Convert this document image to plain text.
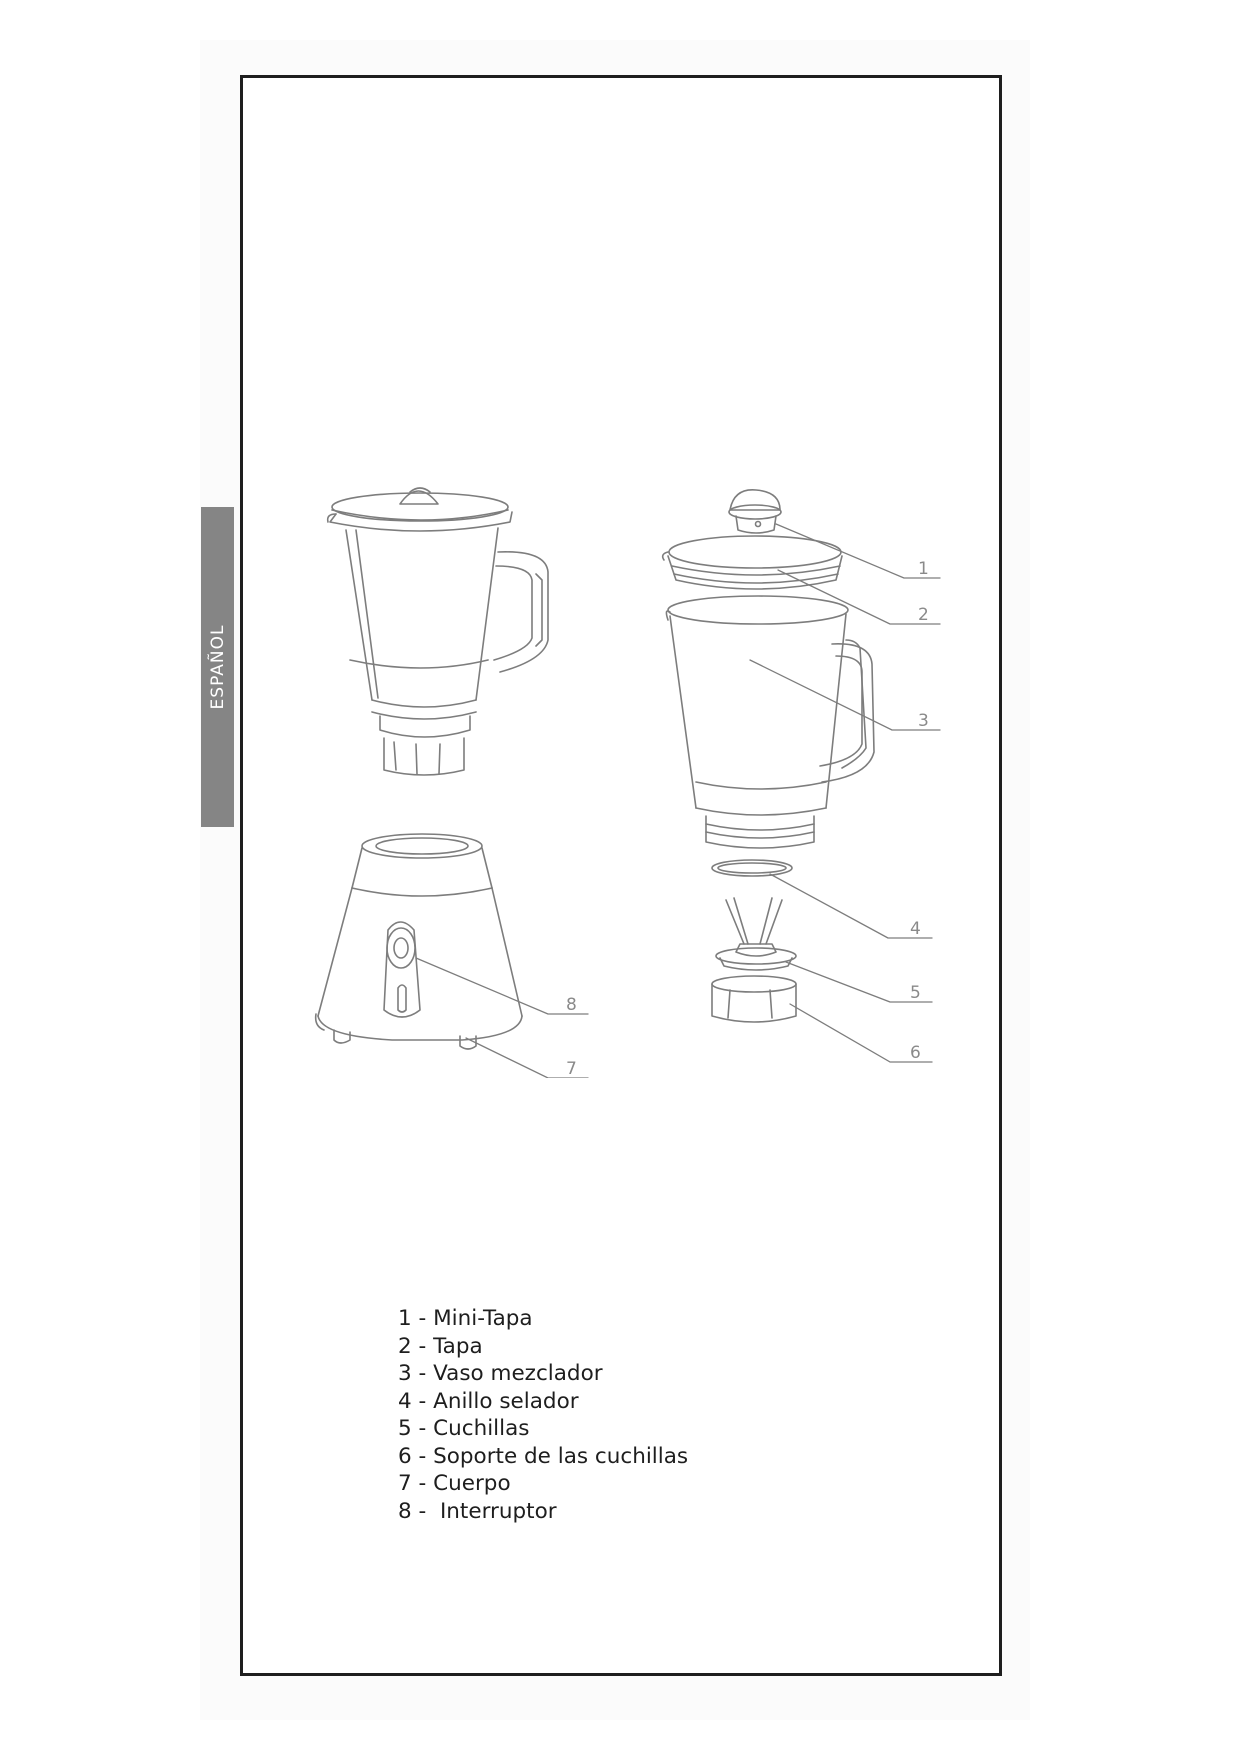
ESPAÑOL
1
2
3
4
5
6
7
8
1 - Mini-Tapa
2 - Tapa
3 - Vaso mezclador
4 - Anillo selador
5 - Cuchillas
6 - Soporte de las cuchillas
7 - Cuerpo
8 -  Interruptor
